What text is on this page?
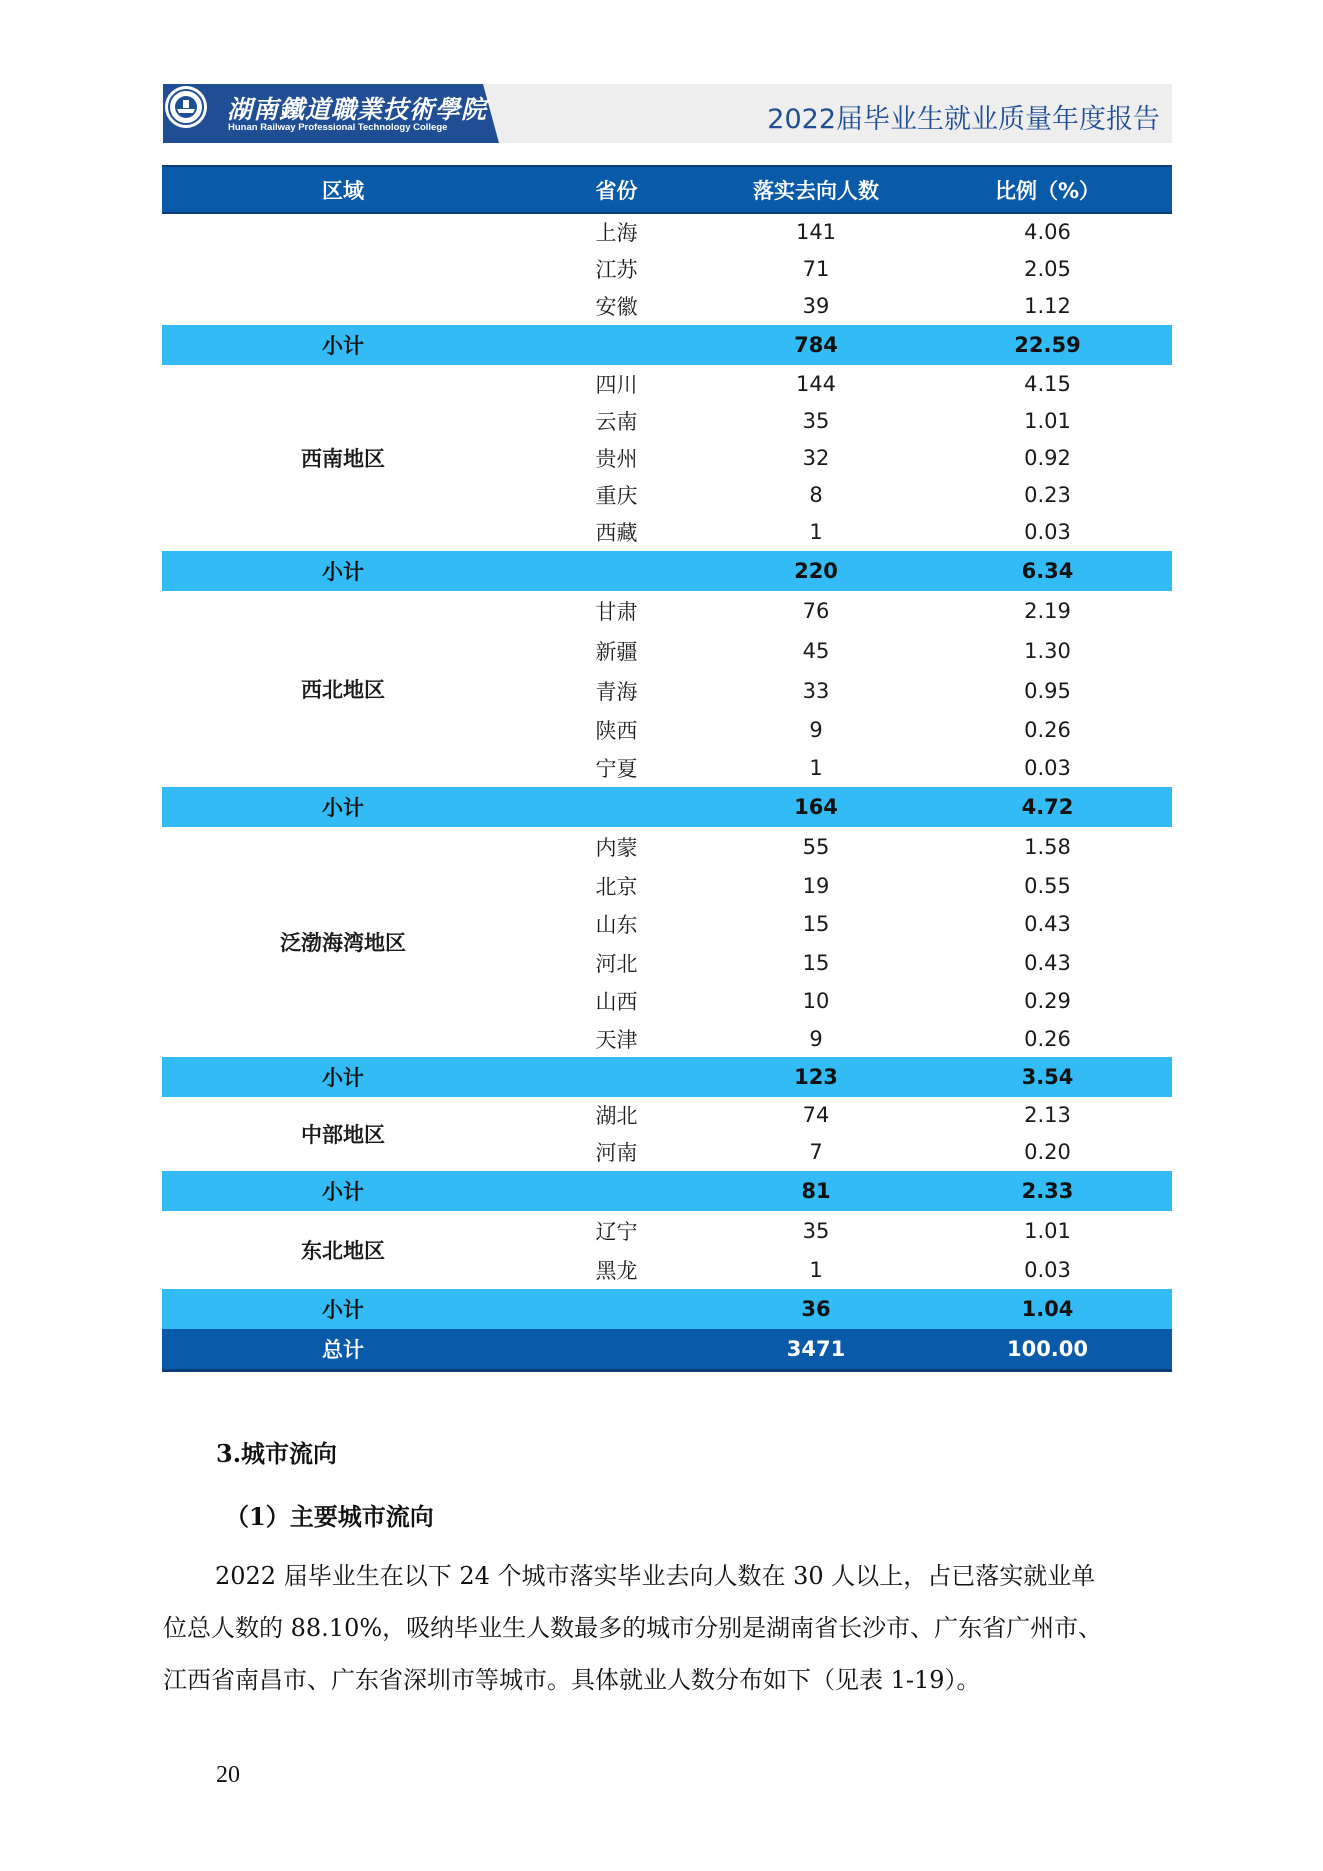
湖南鐵道職業技術學院
Hunan Railway Professional Technology College	2022届毕业生就业质量年度报告
区域	省份	落实去向人数	比例（%）
	上海	141	4.06
	江苏	71	2.05
	安徽	39	1.12
小计		784	22.59
西南地区	四川	144	4.15
	云南	35	1.01
	贵州	32	0.92
	重庆	8	0.23
	西藏	1	0.03
小计		220	6.34
西北地区	甘肃	76	2.19
	新疆	45	1.30
	青海	33	0.95
	陕西	9	0.26
	宁夏	1	0.03
小计		164	4.72
泛渤海湾地区	内蒙	55	1.58
	北京	19	0.55
	山东	15	0.43
	河北	15	0.43
	山西	10	0.29
	天津	9	0.26
小计		123	3.54
中部地区	湖北	74	2.13
	河南	7	0.20
小计		81	2.33
东北地区	辽宁	35	1.01
	黑龙	1	0.03
小计		36	1.04
总计		3471	100.00
3.城市流向
（1）主要城市流向
2022 届毕业生在以下 24 个城市落实毕业去向人数在 30 人以上，占已落实就业单
位总人数的 88.10%，吸纳毕业生人数最多的城市分别是湖南省长沙市、广东省广州市、
江西省南昌市、广东省深圳市等城市。具体就业人数分布如下（见表 1-19）。
20
